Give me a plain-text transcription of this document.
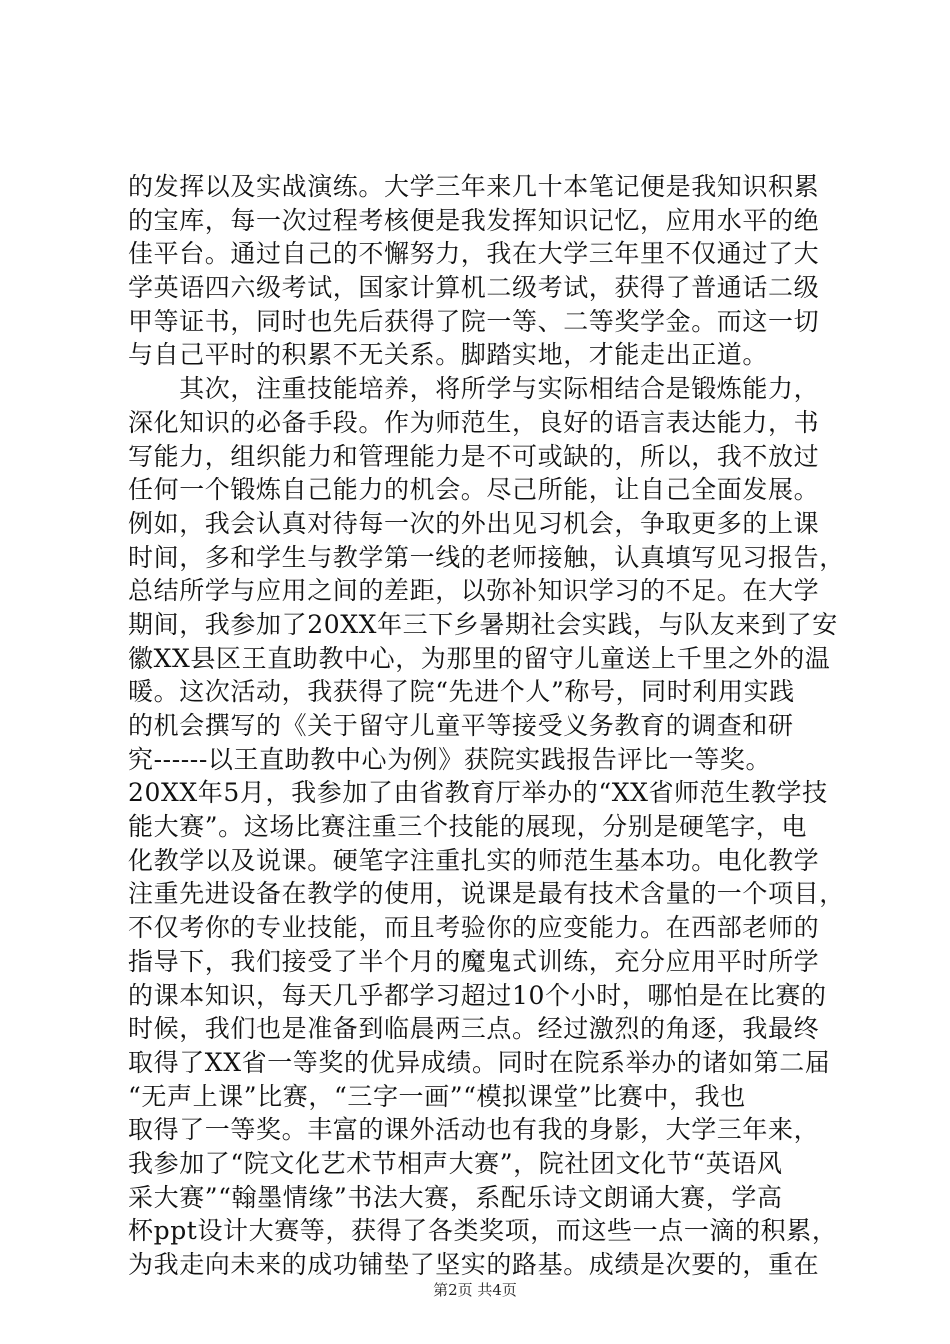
的发挥以及实战演练。大学三年来几十本笔记便是我知识积累
的宝库，每一次过程考核便是我发挥知识记忆，应用水平的绝
佳平台。通过自己的不懈努力，我在大学三年里不仅通过了大
学英语四六级考试，国家计算机二级考试，获得了普通话二级
甲等证书，同时也先后获得了院一等、二等奖学金。而这一切
与自己平时的积累不无关系。脚踏实地，才能走出正道。
　　其次，注重技能培养，将所学与实际相结合是锻炼能力，
深化知识的必备手段。作为师范生，良好的语言表达能力，书
写能力，组织能力和管理能力是不可或缺的，所以，我不放过
任何一个锻炼自己能力的机会。尽己所能，让自己全面发展。
例如，我会认真对待每一次的外出见习机会，争取更多的上课
时间，多和学生与教学第一线的老师接触，认真填写见习报告，
总结所学与应用之间的差距，以弥补知识学习的不足。在大学
期间，我参加了20XX年三下乡暑期社会实践，与队友来到了安
徽XX县区王直助教中心，为那里的留守儿童送上千里之外的温
暖。这次活动，我获得了院“先进个人”称号，同时利用实践
的机会撰写的《关于留守儿童平等接受义务教育的调查和研
究------以王直助教中心为例》获院实践报告评比一等奖。
20XX年5月，我参加了由省教育厅举办的“XX省师范生教学技
能大赛”。这场比赛注重三个技能的展现，分别是硬笔字，电
化教学以及说课。硬笔字注重扎实的师范生基本功。电化教学
注重先进设备在教学的使用，说课是最有技术含量的一个项目，
不仅考你的专业技能，而且考验你的应变能力。在西部老师的
指导下，我们接受了半个月的魔鬼式训练，充分应用平时所学
的课本知识，每天几乎都学习超过10个小时，哪怕是在比赛的
时候，我们也是准备到临晨两三点。经过激烈的角逐，我最终
取得了XX省一等奖的优异成绩。同时在院系举办的诸如第二届
“无声上课”比赛，“三字一画”“模拟课堂”比赛中，我也
取得了一等奖。丰富的课外活动也有我的身影，大学三年来，
我参加了“院文化艺术节相声大赛”，院社团文化节“英语风
采大赛”“翰墨情缘”书法大赛，系配乐诗文朗诵大赛，学高
杯ppt设计大赛等，获得了各类奖项，而这些一点一滴的积累，
为我走向未来的成功铺垫了坚实的路基。成绩是次要的，重在
第2页 共4页
